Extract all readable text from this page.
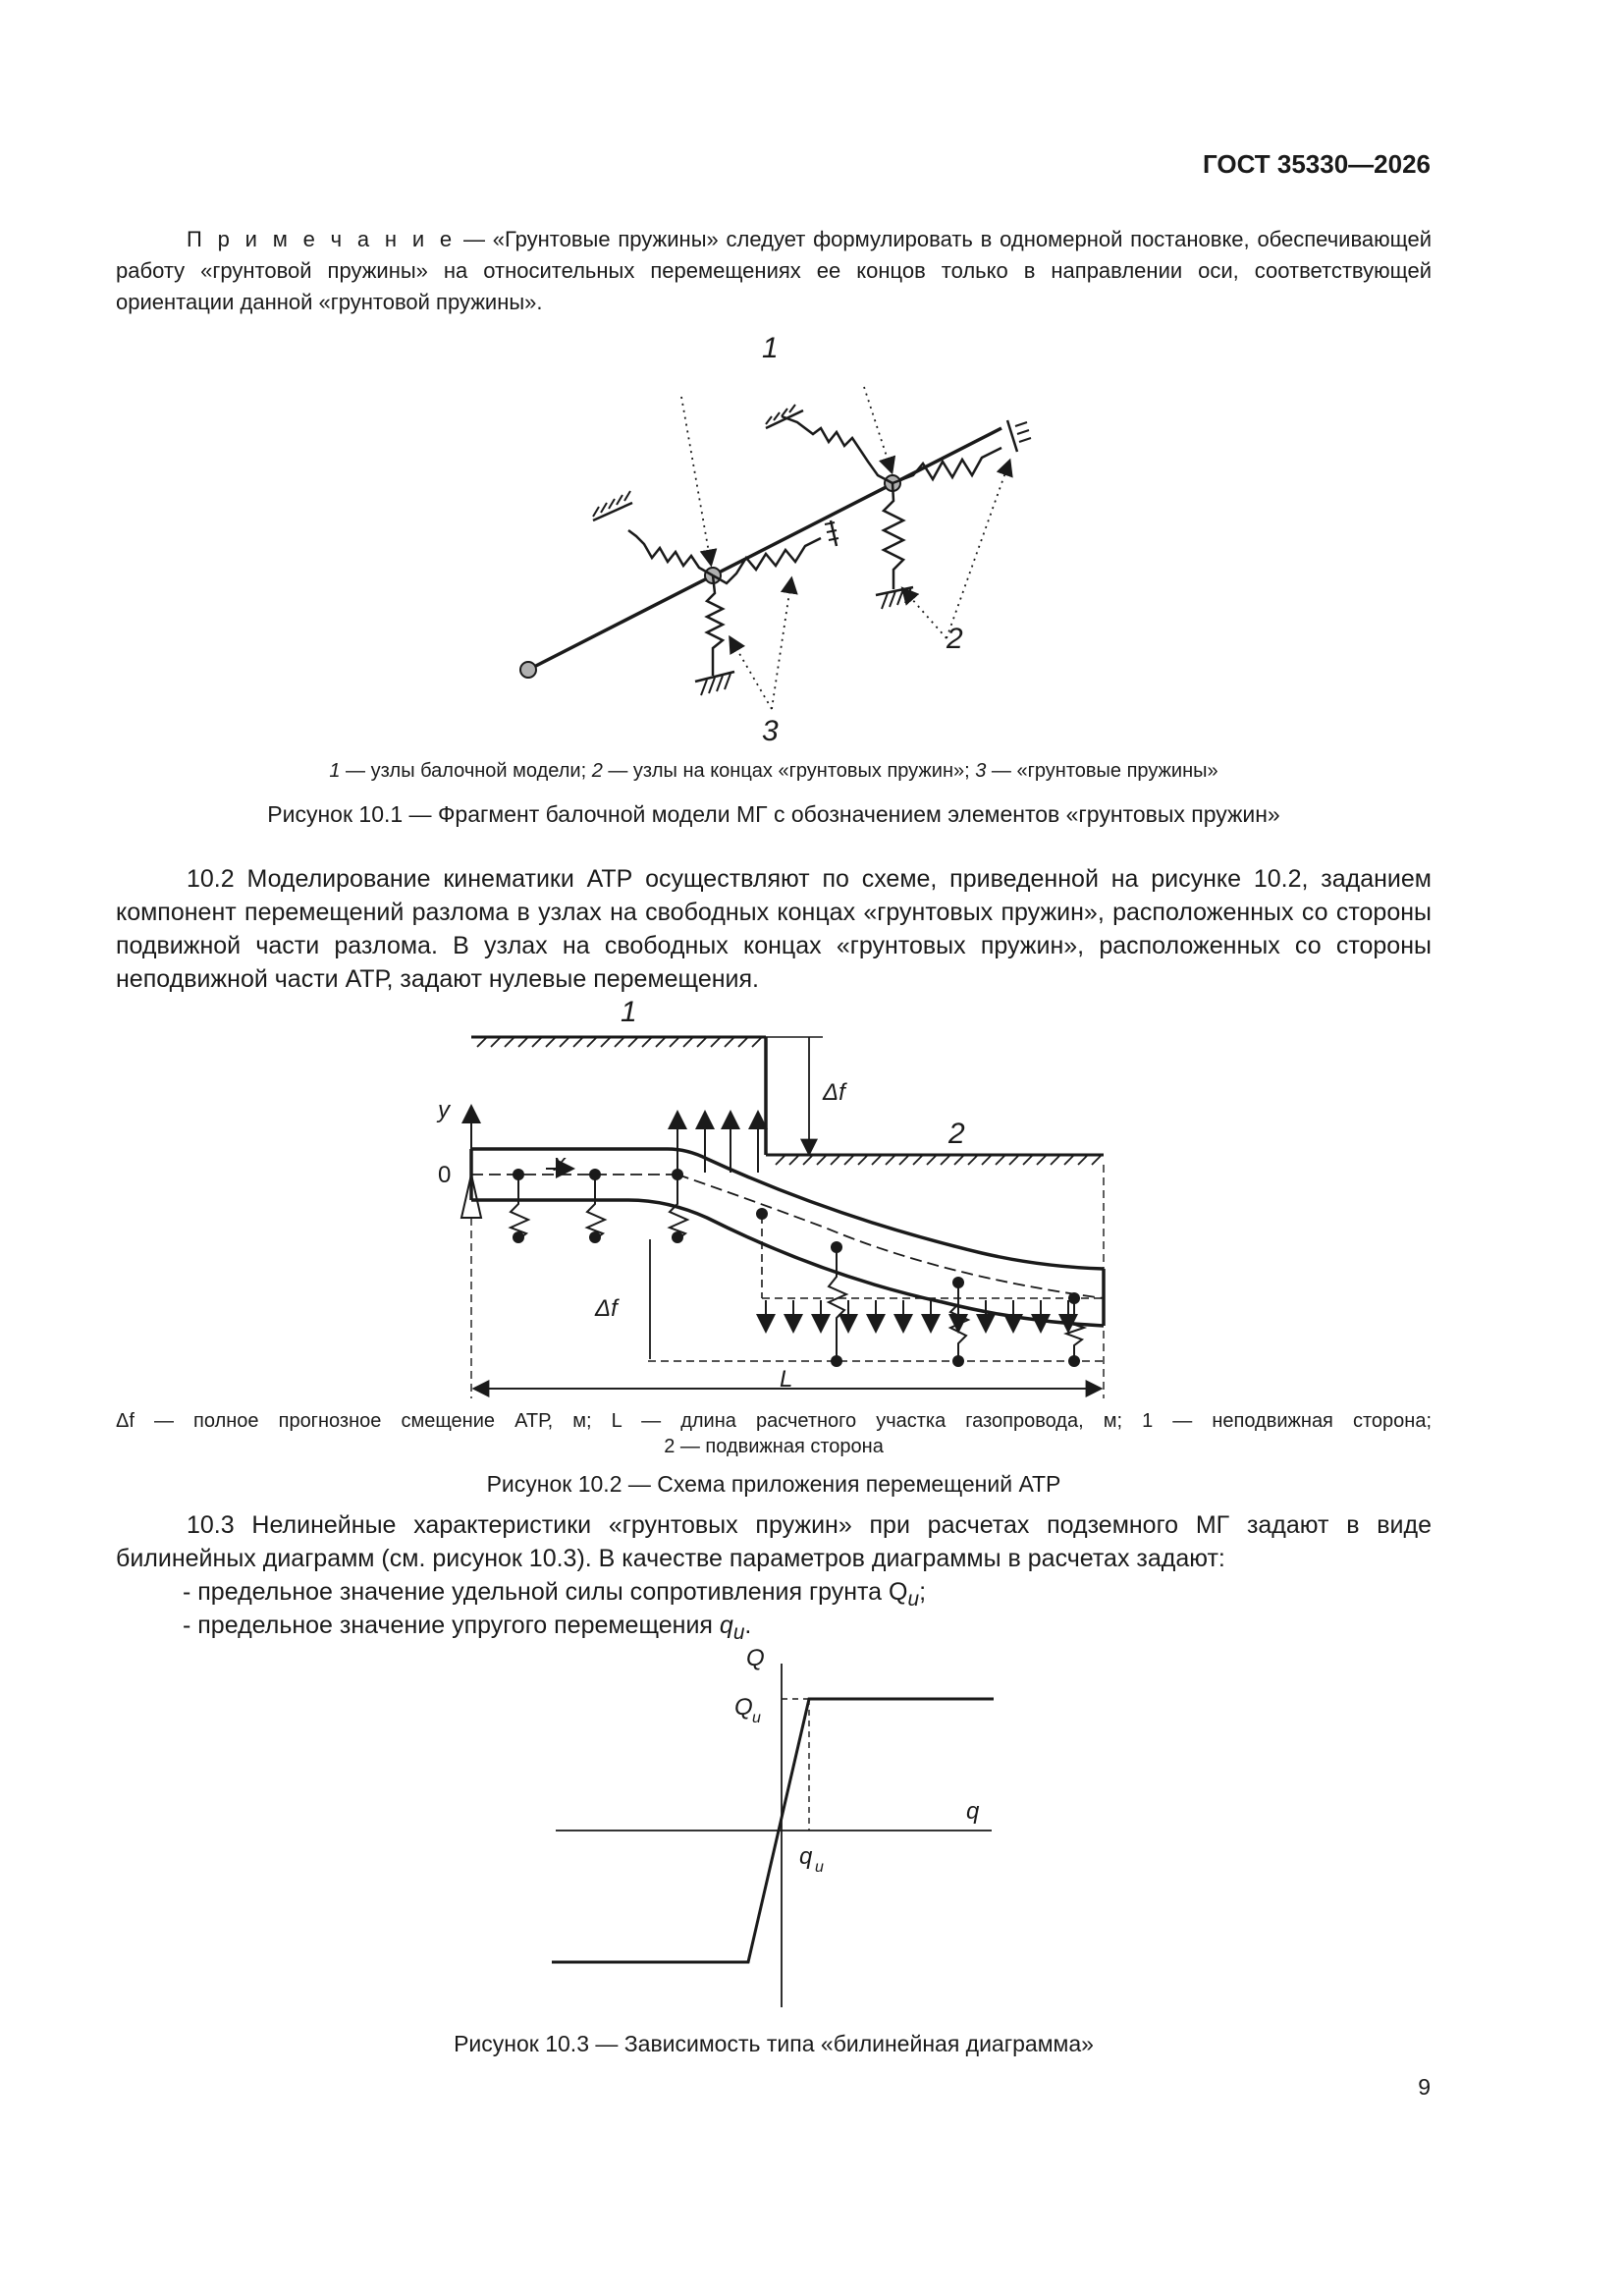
ГОСТ 35330—2026
П р и м е ч а н и е — «Грунтовые пружины» следует формулировать в одномерной постановке, обеспечивающей работу «грунтовой пружины» на относительных перемещениях ее концов только в направлении оси, соответствующей ориентации данной «грунтовой пружины».
1
2
3
1 — узлы балочной модели; 2 — узлы на концах «грунтовых пружин»; 3 — «грунтовые пружины»
Рисунок 10.1 — Фрагмент балочной модели МГ с обозначением элементов «грунтовых пружин»
10.2 Моделирование кинематики АТР осуществляют по схеме, приведенной на рисунке 10.2, заданием компонент перемещений разлома в узлах на свободных концах «грунтовых пружин», расположенных со стороны подвижной части разлома. В узлах на свободных концах «грунтовых пружин», расположенных со стороны неподвижной части АТР, задают нулевые перемещения.
1
2
y
x
0
Δf
Δf
L
Δf — полное прогнозное смещение АТР, м; L — длина расчетного участка газопровода, м; 1 — неподвижная сторона;
2 — подвижная сторона
Рисунок 10.2 — Схема приложения перемещений АТР
10.3 Нелинейные характеристики «грунтовых пружин» при расчетах подземного МГ задают в виде билинейных диаграмм (см. рисунок 10.3). В качестве параметров диаграммы в расчетах задают:
- предельное значение удельной силы сопротивления грунта $Q_u$;
- предельное значение упругого перемещения $q_u$.
Q
Q u
q
q u
Рисунок 10.3 — Зависимость типа «билинейная диаграмма»
9
